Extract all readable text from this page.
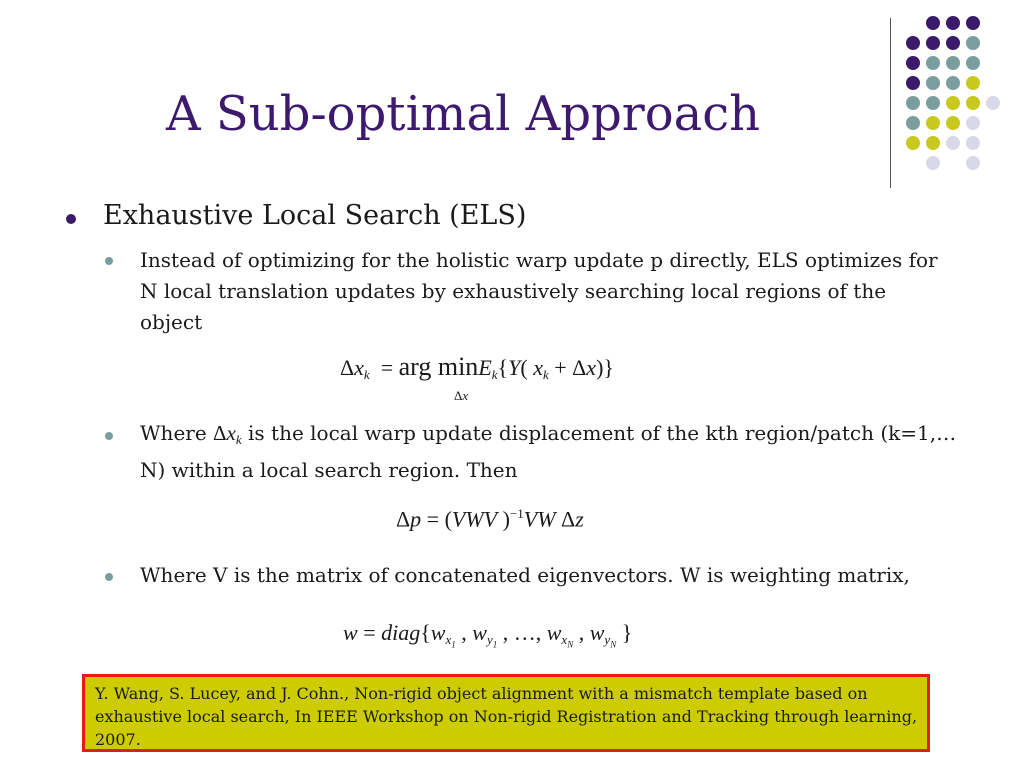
A Sub-optimal Approach
Exhaustive Local Search (ELS)
Instead of optimizing for the holistic warp update p directly, ELS optimizes for N local translation updates by exhaustively searching local regions of the object
$\Delta x_k$  = arg minE$_k${Y( $x_k + \Delta x$)}
Δx
Where $\Delta x_k$ is the local warp update displacement of the kth region/patch (k=1,…N) within a local search region. Then
Δp = (VWV )$^{-1}$VW Δz
Where V is the matrix of concatenated eigenvectors. W is weighting matrix,
$w = diag\{w_{x_1}$ , $w_{y_1}$ , …, $w_{x_N}$ , $w_{y_N}$ }
Y. Wang, S. Lucey, and J. Cohn., Non-rigid object alignment with a mismatch template based on exhaustive local search, In IEEE Workshop on Non-rigid Registration and Tracking through learning, 2007.
